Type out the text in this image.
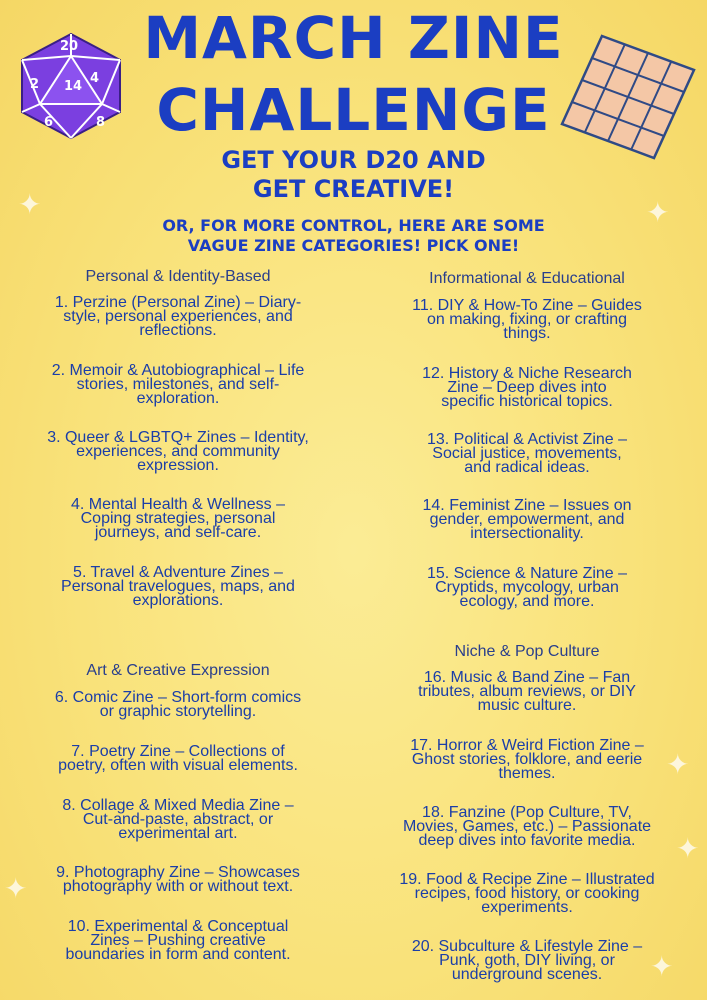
✦	✦
✦
✦
✦
✦
20
14
4
6	8
2
MARCH ZINE
CHALLENGE
GET YOUR D20 AND
GET CREATIVE!

OR, FOR MORE CONTROL, HERE ARE SOME

VAGUE ZINE CATEGORIES! PICK ONE!

Personal & Identity-Based
1. Perzine (Personal Zine) – Diary-
style, personal experiences, and
reflections.
2. Memoir & Autobiographical – Life
stories, milestones, and self-
exploration.
3. Queer & LGBTQ+ Zines – Identity,
experiences, and community
expression.
4. Mental Health & Wellness –
Coping strategies, personal
journeys, and self-care.
5. Travel & Adventure Zines –
Personal travelogues, maps, and
explorations.
Art & Creative Expression
6. Comic Zine – Short-form comics
or graphic storytelling.
7. Poetry Zine – Collections of
poetry, often with visual elements.
8. Collage & Mixed Media Zine –
Cut-and-paste, abstract, or
experimental art.
9. Photography Zine – Showcases
photography with or without text.
10. Experimental & Conceptual
Zines – Pushing creative
boundaries in form and content.
Informational & Educational
11. DIY & How-To Zine – Guides
on making, fixing, or crafting
things.
12. History & Niche Research
Zine – Deep dives into
specific historical topics.
13. Political & Activist Zine –
Social justice, movements,
and radical ideas.
14. Feminist Zine – Issues on
gender, empowerment, and
intersectionality.
15. Science & Nature Zine –
Cryptids, mycology, urban
ecology, and more.
Niche & Pop Culture
16. Music & Band Zine – Fan
tributes, album reviews, or DIY
music culture.
17. Horror & Weird Fiction Zine –
Ghost stories, folklore, and eerie
themes.
18. Fanzine (Pop Culture, TV,
Movies, Games, etc.) – Passionate
deep dives into favorite media.
19. Food & Recipe Zine – Illustrated
recipes, food history, or cooking
experiments.
20. Subculture & Lifestyle Zine –
Punk, goth, DIY living, or
underground scenes.
